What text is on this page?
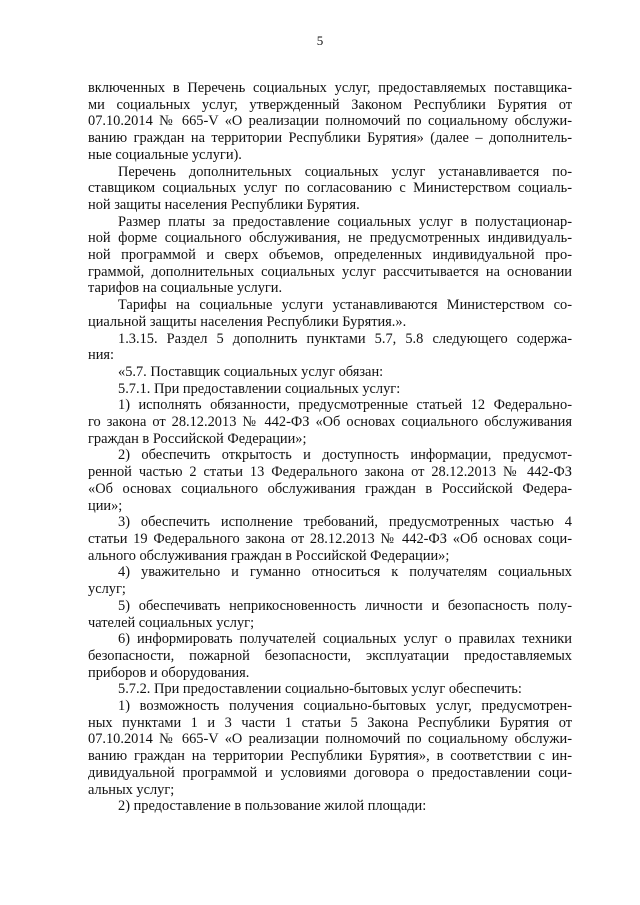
5
включенных в Перечень социальных услуг, предоставляемых поставщика-
ми социальных услуг, утвержденный Законом Республики Бурятия от
07.10.2014 № 665-V «О реализации полномочий по социальному обслужи-
ванию граждан на территории Республики Бурятия» (далее – дополнитель-
ные социальные услуги).
Перечень дополнительных социальных услуг устанавливается по-
ставщиком социальных услуг по согласованию с Министерством социаль-
ной защиты населения Республики Бурятия.
Размер платы за предоставление социальных услуг в полустационар-
ной форме социального обслуживания, не предусмотренных индивидуаль-
ной программой и сверх объемов, определенных индивидуальной про-
граммой, дополнительных социальных услуг рассчитывается на основании
тарифов на социальные услуги.
Тарифы на социальные услуги устанавливаются Министерством со-
циальной защиты населения Республики Бурятия.».
1.3.15. Раздел 5 дополнить пунктами 5.7, 5.8 следующего содержа-
ния:
«5.7. Поставщик социальных услуг обязан:
5.7.1. При предоставлении социальных услуг:
1) исполнять обязанности, предусмотренные статьей 12 Федерально-
го закона от 28.12.2013 № 442-ФЗ «Об основах социального обслуживания
граждан в Российской Федерации»;
2) обеспечить открытость и доступность информации, предусмот-
ренной частью 2 статьи 13 Федерального закона от 28.12.2013 № 442-ФЗ
«Об основах социального обслуживания граждан в Российской Федера-
ции»;
3) обеспечить исполнение требований, предусмотренных частью 4
статьи 19 Федерального закона от 28.12.2013 № 442-ФЗ «Об основах соци-
ального обслуживания граждан в Российской Федерации»;
4) уважительно и гуманно относиться к получателям социальных
услуг;
5) обеспечивать неприкосновенность личности и безопасность полу-
чателей социальных услуг;
6) информировать получателей социальных услуг о правилах техники
безопасности, пожарной безопасности, эксплуатации предоставляемых
приборов и оборудования.
5.7.2. При предоставлении социально-бытовых услуг обеспечить:
1) возможность получения социально-бытовых услуг, предусмотрен-
ных пунктами 1 и 3 части 1 статьи 5 Закона Республики Бурятия от
07.10.2014 № 665-V «О реализации полномочий по социальному обслужи-
ванию граждан на территории Республики Бурятия», в соответствии с ин-
дивидуальной программой и условиями договора о предоставлении соци-
альных услуг;
2) предоставление в пользование жилой площади:
